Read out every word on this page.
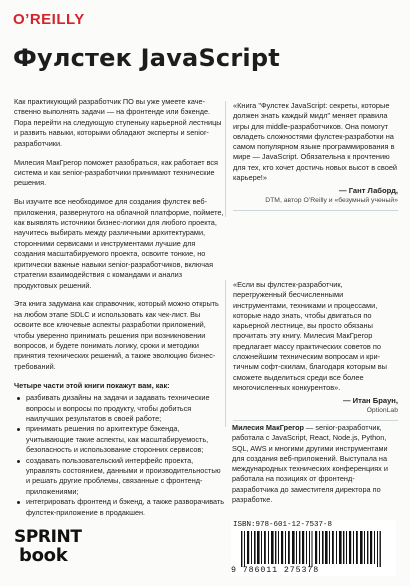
O’REILLY
Фулстек JavaScript

Как практикующий разработчик ПО вы уже умеете качественно выполнять задачи — на фронтенде или бэкенде. Пора перейти на следующую ступеньку карьерной лестницы и развить навыки, которыми обладают эксперты и senior-разработчики.

Милесия МакГрегор поможет разобраться, как работает вся система и как senior-разработчики принимают технические решения.

Вы изучите все необходимое для создания фулстек веб-приложения, развернутого на облачной платформе, поймете, как выявлять источники бизнес-логики для любого проекта, научитесь выбирать между различными архитектурами, сторонними сервисами и инструментами лучшие для создания масштабируемого проекта, освоите тонкие, но критически важные навыки senior-разработчиков, включая стратегии взаимодействия с командами и анализ продуктовых решений.

Эта книга задумана как справочник, который можно открыть на любом этапе SDLC и использовать как чек-лист. Вы освоите все ключевые аспекты разработки приложений, чтобы уверенно принимать решения при возникновении вопросов, и будете понимать логику, сроки и методики принятия технических решений, а также эволюцию бизнес-требований.

Четыре части этой книги покажут вам, как:
разбивать дизайны на задачи и задавать технические вопросы и вопросы по продукту, чтобы добиться наилучших результатов в своей работе;
принимать решения по архитектуре бэкенда, учитывающие такие аспекты, как масштабируемость, безопасность и использование сторонних сервисов;
создавать пользовательский интерфейс проекта, управлять состоянием, данными и производительностью и решать другие проблемы, связанные с фронтенд-приложениями;
интегрировать фронтенд и бэкенд, а также разворачивать фулстек-приложение в продакшен.
«Книга "Фулстек JavaScript: секреты, которые должен знать каждый мидл" меняет правила игры для middle-разработчиков. Она помогут овладеть сложностями фулстек-разработки на самом популярном языке программирования в мире — JavaScript. Обязательна к прочтению для тех, кто хочет достичь новых высот в своей карьере!»
— Гант Лаборд,
DTM, автор O’Reilly и «безумный ученый»
«Если вы фулстек-разработчик, перегруженный бесчисленными инструментами, техниками и процессами, которые надо знать, чтобы двигаться по карьерной лестнице, вы просто обязаны прочитать эту книгу. Милесия МакГрегор предлагает массу практических советов по сложнейшим техническим вопросам и критичным софт-скилам, благодаря которым вы сможете выделиться среди все более многочисленных конкурентов».
— Итан Браун,
OptionLab
Милесия МакГрегор — senior-разработчик, работала с JavaScript, React, Node.js, Python, SQL, AWS и многими другими инструментами для создания веб-приложений. Выступала на международных технических конференциях и работала на позициях от фронтенд-разработчика до заместителя директора по разработке.
SPRINT
book
ISBN:978-601-12-7537-8
9 786011 275378
